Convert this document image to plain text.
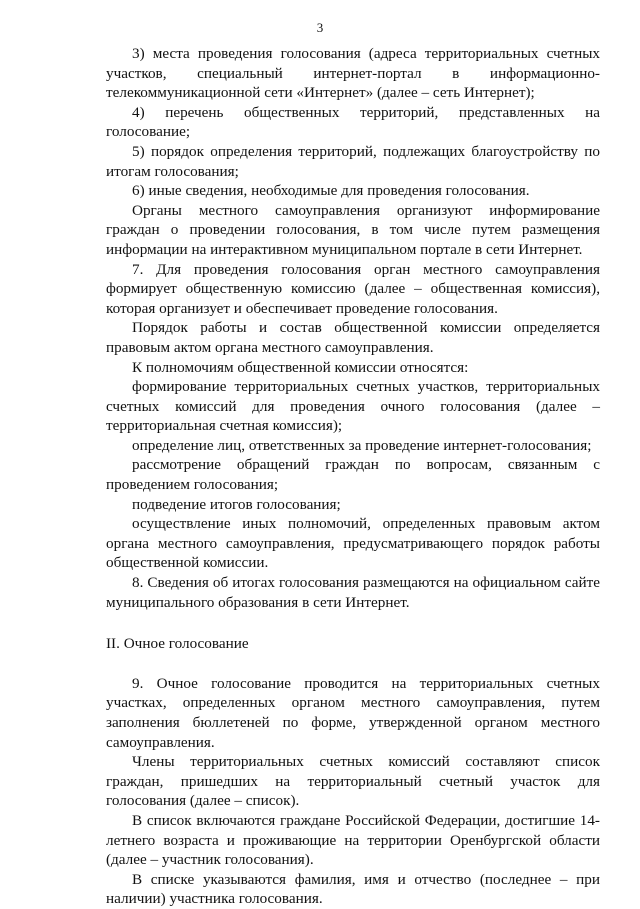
3

3) места проведения голосования (адреса территориальных счетных участков, специальный интернет-портал в информационно-телекоммуникационной сети «Интернет» (далее – сеть Интернет);

4) перечень общественных территорий, представленных на голосование;

5) порядок определения территорий, подлежащих благоустройству по итогам голосования;

6) иные сведения, необходимые для проведения голосования.

Органы местного самоуправления организуют информирование граждан о проведении голосования, в том числе путем размещения информации на интерактивном муниципальном портале в сети Интернет.

7. Для проведения голосования орган местного самоуправления формирует общественную комиссию (далее – общественная комиссия), которая организует и обеспечивает проведение голосования.

Порядок работы и состав общественной комиссии определяется правовым актом органа местного самоуправления.

К полномочиям общественной комиссии относятся:

формирование территориальных счетных участков, территориальных счетных комиссий для проведения очного голосования (далее – территориальная счетная комиссия);

определение лиц, ответственных за проведение интернет-голосования;

рассмотрение обращений граждан по вопросам, связанным с проведением голосования;

подведение итогов голосования;

осуществление иных полномочий, определенных правовым актом органа местного самоуправления, предусматривающего порядок работы общественной комиссии.

8. Сведения об итогах голосования размещаются на официальном сайте муниципального образования в сети Интернет.

II. Очное голосование

9. Очное голосование проводится на территориальных счетных участках, определенных органом местного самоуправления, путем заполнения бюллетеней по форме, утвержденной органом местного самоуправления.

Члены территориальных счетных комиссий составляют список граждан, пришедших на территориальный счетный участок для голосования (далее – список).

В список включаются граждане Российской Федерации, достигшие 14-летнего возраста и проживающие на территории Оренбургской области (далее – участник голосования).

В списке указываются фамилия, имя и отчество (последнее – при наличии) участника голосования.
